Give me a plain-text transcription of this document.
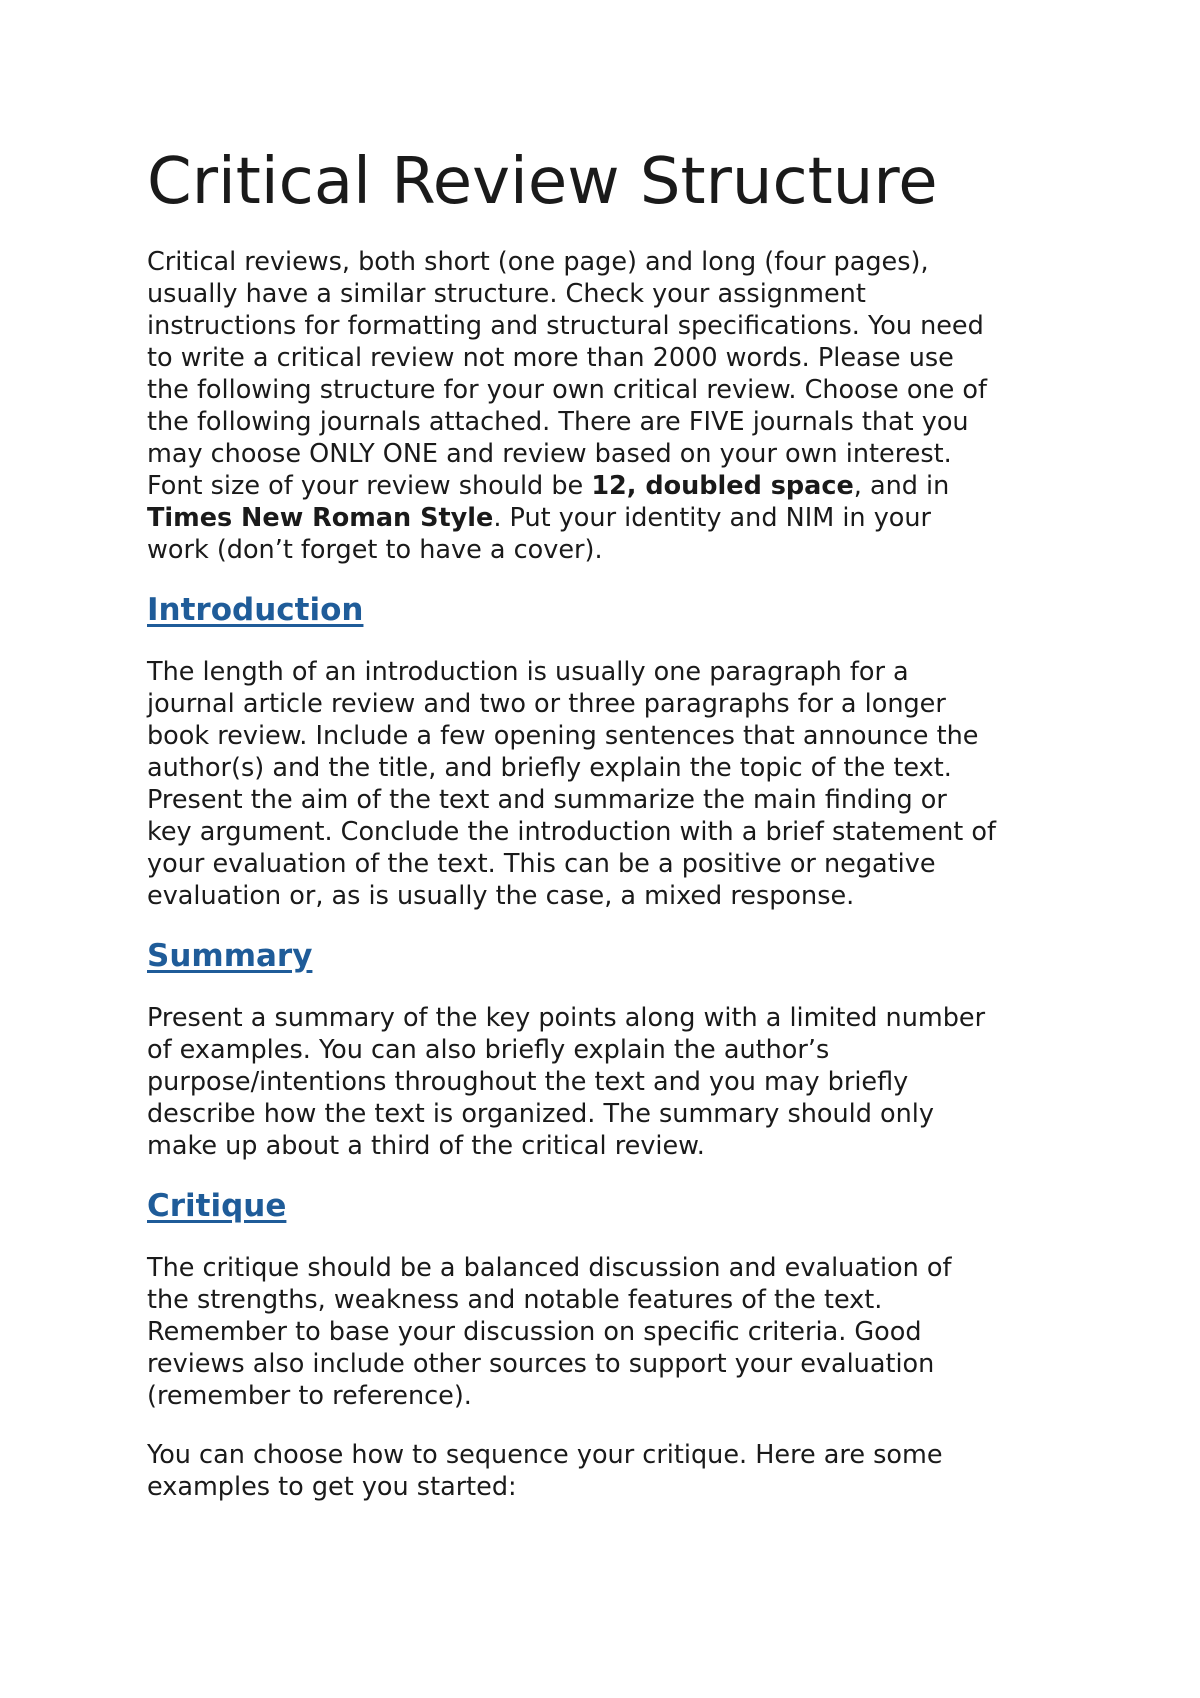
Critical Review Structure

Critical reviews, both short (one page) and long (four pages),
usually have a similar structure. Check your assignment
instructions for formatting and structural specifications. You need
to write a critical review not more than 2000 words. Please use
the following structure for your own critical review. Choose one of
the following journals attached. There are FIVE journals that you
may choose ONLY ONE and review based on your own interest.
Font size of your review should be 12, doubled space, and in
Times New Roman Style. Put your identity and NIM in your
work (don’t forget to have a cover).

Introduction

The length of an introduction is usually one paragraph for a
journal article review and two or three paragraphs for a longer
book review. Include a few opening sentences that announce the
author(s) and the title, and briefly explain the topic of the text.
Present the aim of the text and summarize the main finding or
key argument. Conclude the introduction with a brief statement of
your evaluation of the text. This can be a positive or negative
evaluation or, as is usually the case, a mixed response.

Summary

Present a summary of the key points along with a limited number
of examples. You can also briefly explain the author’s
purpose/intentions throughout the text and you may briefly
describe how the text is organized. The summary should only
make up about a third of the critical review.

Critique

The critique should be a balanced discussion and evaluation of
the strengths, weakness and notable features of the text.
Remember to base your discussion on specific criteria. Good
reviews also include other sources to support your evaluation
(remember to reference).

You can choose how to sequence your critique. Here are some
examples to get you started:
